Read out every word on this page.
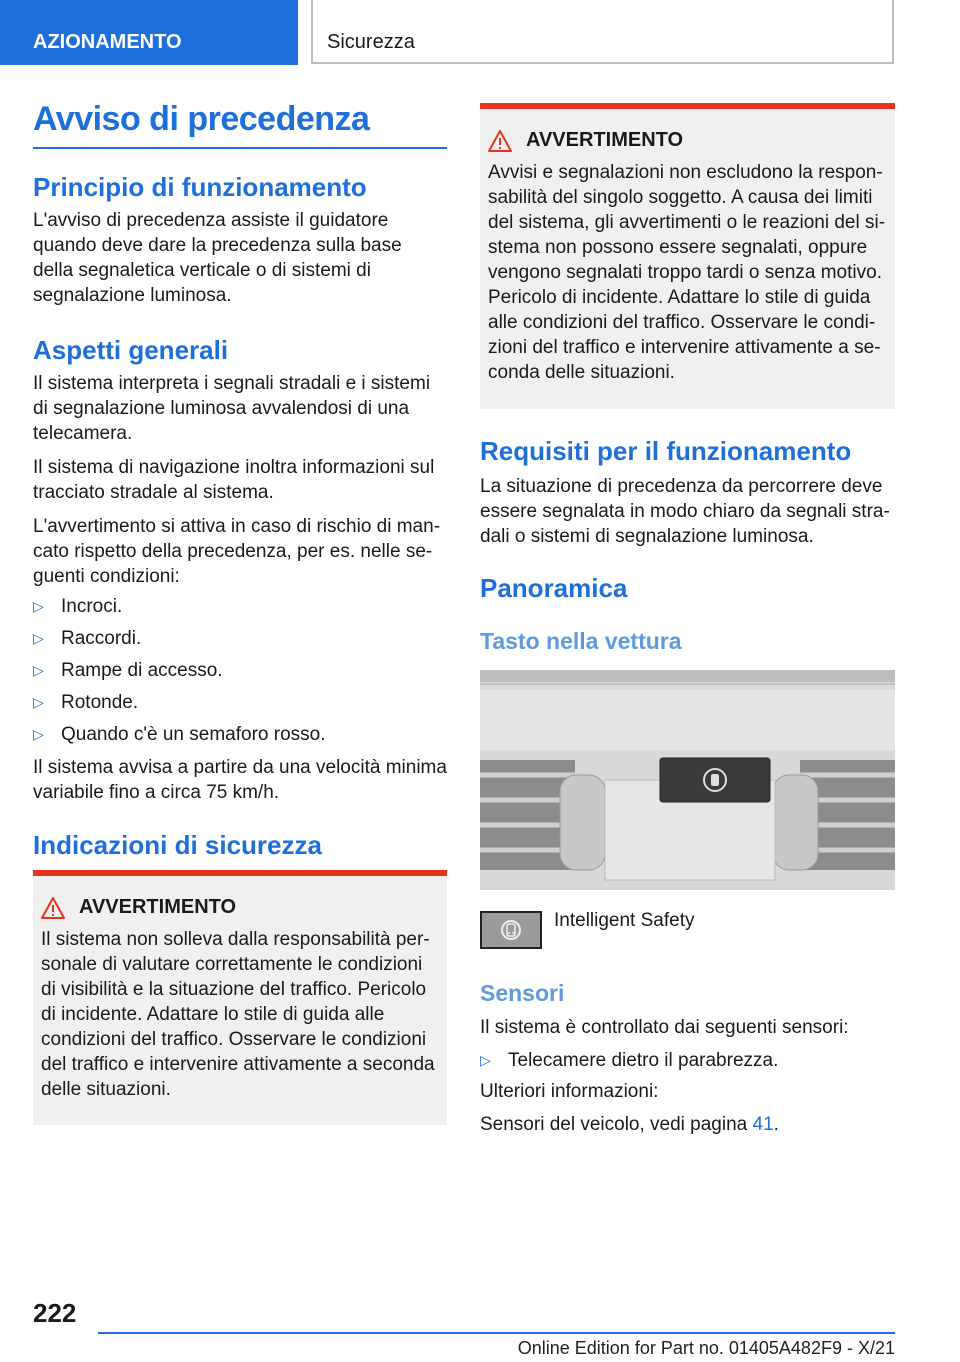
AZIONAMENTO	Sicurezza
Avviso di precedenza
Principio di funzionamento

L'avviso di precedenza assiste il guidatore quando deve dare la precedenza sulla base della segnaletica verticale o di sistemi di segnalazione luminosa.

Aspetti generali

Il sistema interpreta i segnali stradali e i sistemi di segnalazione luminosa avvalendosi di una telecamera.

Il sistema di navigazione inoltra informazioni sul tracciato stradale al sistema.

L'avvertimento si attiva in caso di rischio di mancato rispetto della precedenza, per es. nelle seguenti condizioni:

▷ Incroci.
▷ Raccordi.
▷ Rampe di accesso.
▷ Rotonde.
▷ Quando c'è un semaforo rosso.

Il sistema avvisa a partire da una velocità minima variabile fino a circa 75 km/h.

Indicazioni di sicurezza
AVVERTIMENTO

Il sistema non solleva dalla responsabilità personale di valutare correttamente le condizioni di visibilità e la situazione del traffico. Pericolo di incidente. Adattare lo stile di guida alle condizioni del traffico. Osservare le condizioni del traffico e intervenire attivamente a seconda delle situazioni.

AVVERTIMENTO

Avvisi e segnalazioni non escludono la responsabilità del singolo soggetto. A causa dei limiti del sistema, gli avvertimenti o le reazioni del sistema non possono essere segnalati, oppure vengono segnalati troppo tardi o senza motivo. Pericolo di incidente. Adattare lo stile di guida alle condizioni del traffico. Osservare le condizioni del traffico e intervenire attivamente a seconda delle situazioni.

Requisiti per il funzionamento

La situazione di precedenza da percorrere deve essere segnalata in modo chiaro da segnali stradali o sistemi di segnalazione luminosa.

Panoramica
Tasto nella vettura

Intelligent Safety

Sensori

Il sistema è controllato dai seguenti sensori:

▷ Telecamere dietro il parabrezza.

Ulteriori informazioni:

Sensori del veicolo, vedi pagina 41.

222
Online Edition for Part no. 01405A482F9 - X/21
